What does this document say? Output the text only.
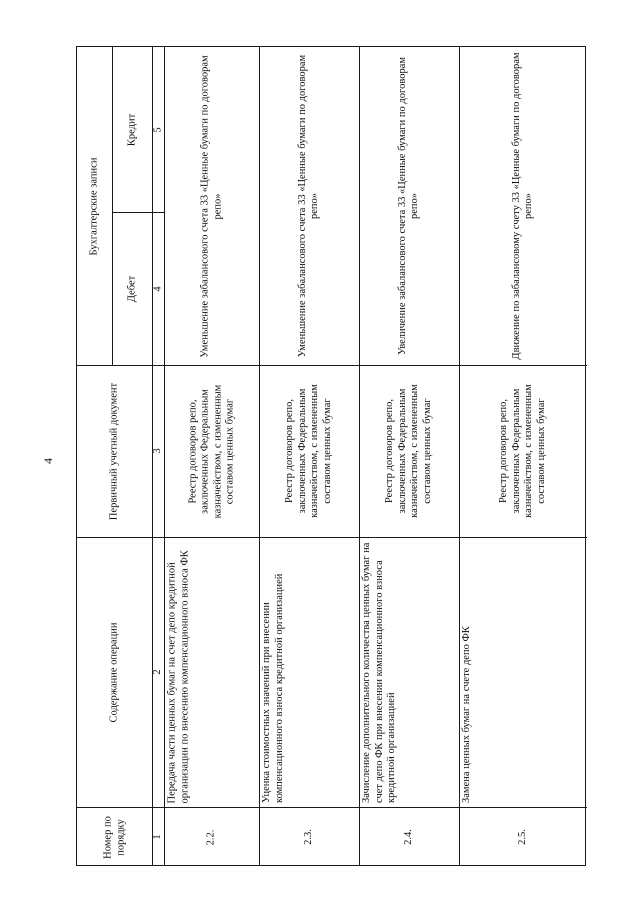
4
Номер по порядку
Содержание операции
Первичный учетный документ
Бухгалтерские записи
Дебет
Кредит
1
2
3
4
5
2.2.
Передача части ценных бумаг на счет депо кредитной организации по внесению компенсационного взноса ФК
Реестр договоров репо, заключенных Федеральным казначейством, с измененным составом ценных бумаг
Уменьшение забалансового счета 33 «Ценные бумаги по договорам репо»
2.3.
Уценка стоимостных значений при внесении компенсационного взноса кредитной организацией
Реестр договоров репо, заключенных Федеральным казначейством, с измененным составом ценных бумаг
Уменьшение забалансового счета 33 «Ценные бумаги по договорам репо»
2.4.
Зачисление дополнительного количества ценных бумаг на счет депо ФК при внесении компенсационного взноса кредитной организацией
Реестр договоров репо, заключенных Федеральным казначейством, с измененным составом ценных бумаг
Увеличение забалансового счета 33 «Ценные бумаги по договорам репо»
2.5.
Замена ценных бумаг на счете депо ФК
Реестр договоров репо, заключенных Федеральным казначейством, с измененным составом ценных бумаг
Движение по забалансовому счету 33 «Ценные бумаги по договорам репо»
